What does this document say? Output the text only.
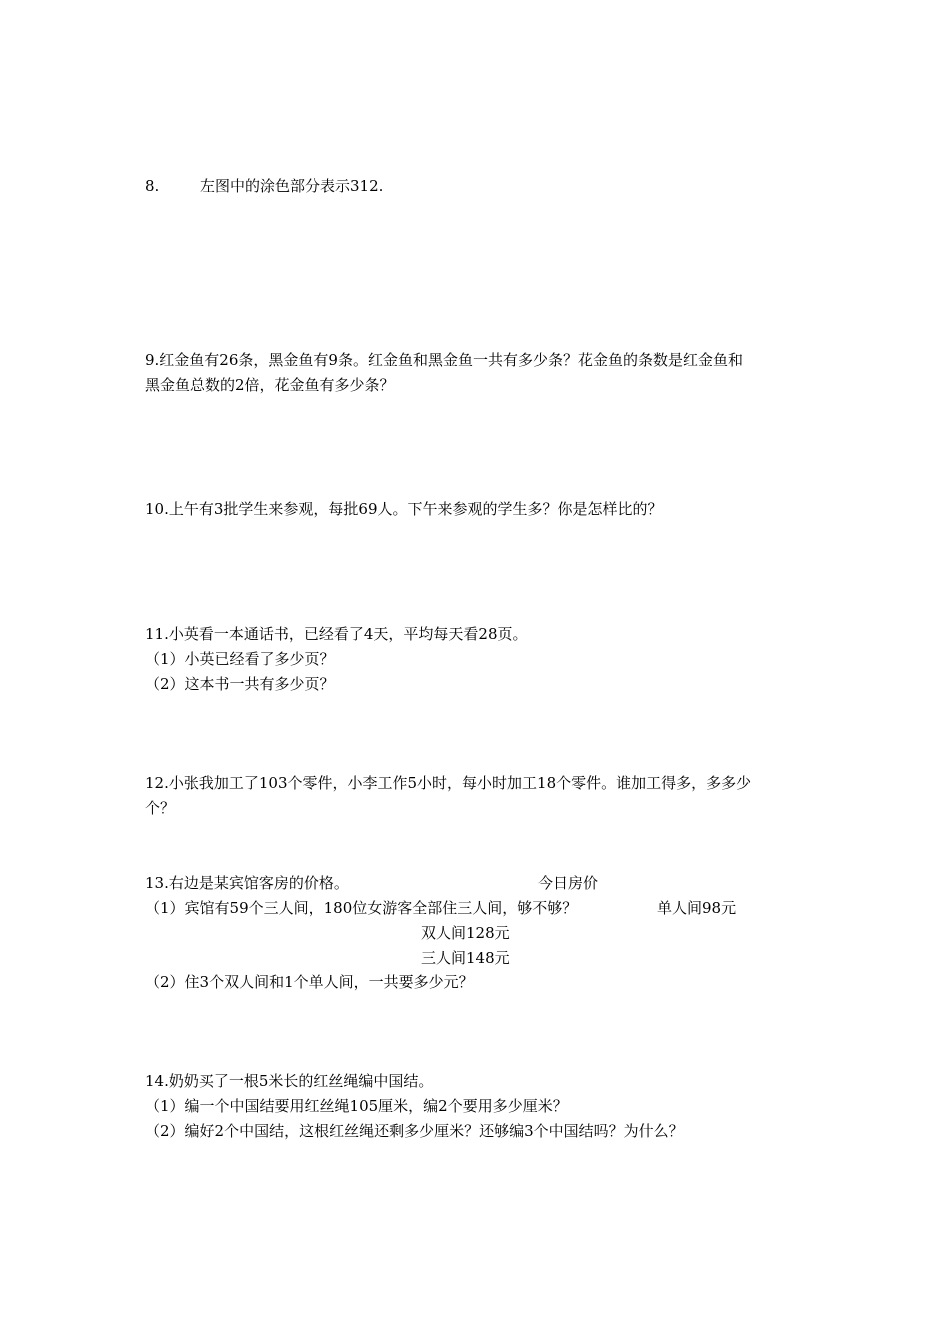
8.	左图中的涂色部分表示312.
9.红金鱼有26条，黑金鱼有9条。红金鱼和黑金鱼一共有多少条？花金鱼的条数是红金鱼和
黑金鱼总数的2倍，花金鱼有多少条？
10.上午有3批学生来参观，每批69人。下午来参观的学生多？你是怎样比的？
11.小英看一本通话书，已经看了4天，平均每天看28页。
（1）小英已经看了多少页？
（2）这本书一共有多少页？
12.小张我加工了103个零件，小李工作5小时，每小时加工18个零件。谁加工得多，多多少
个？
13.右边是某宾馆客房的价格。	今日房价
（1）宾馆有59个三人间，180位女游客全部住三人间，够不够？	单人间98元
双人间128元
三人间148元
（2）住3个双人间和1个单人间，一共要多少元？
14.奶奶买了一根5米长的红丝绳编中国结。
（1）编一个中国结要用红丝绳105厘米，编2个要用多少厘米？
（2）编好2个中国结，这根红丝绳还剩多少厘米？还够编3个中国结吗？为什么？
